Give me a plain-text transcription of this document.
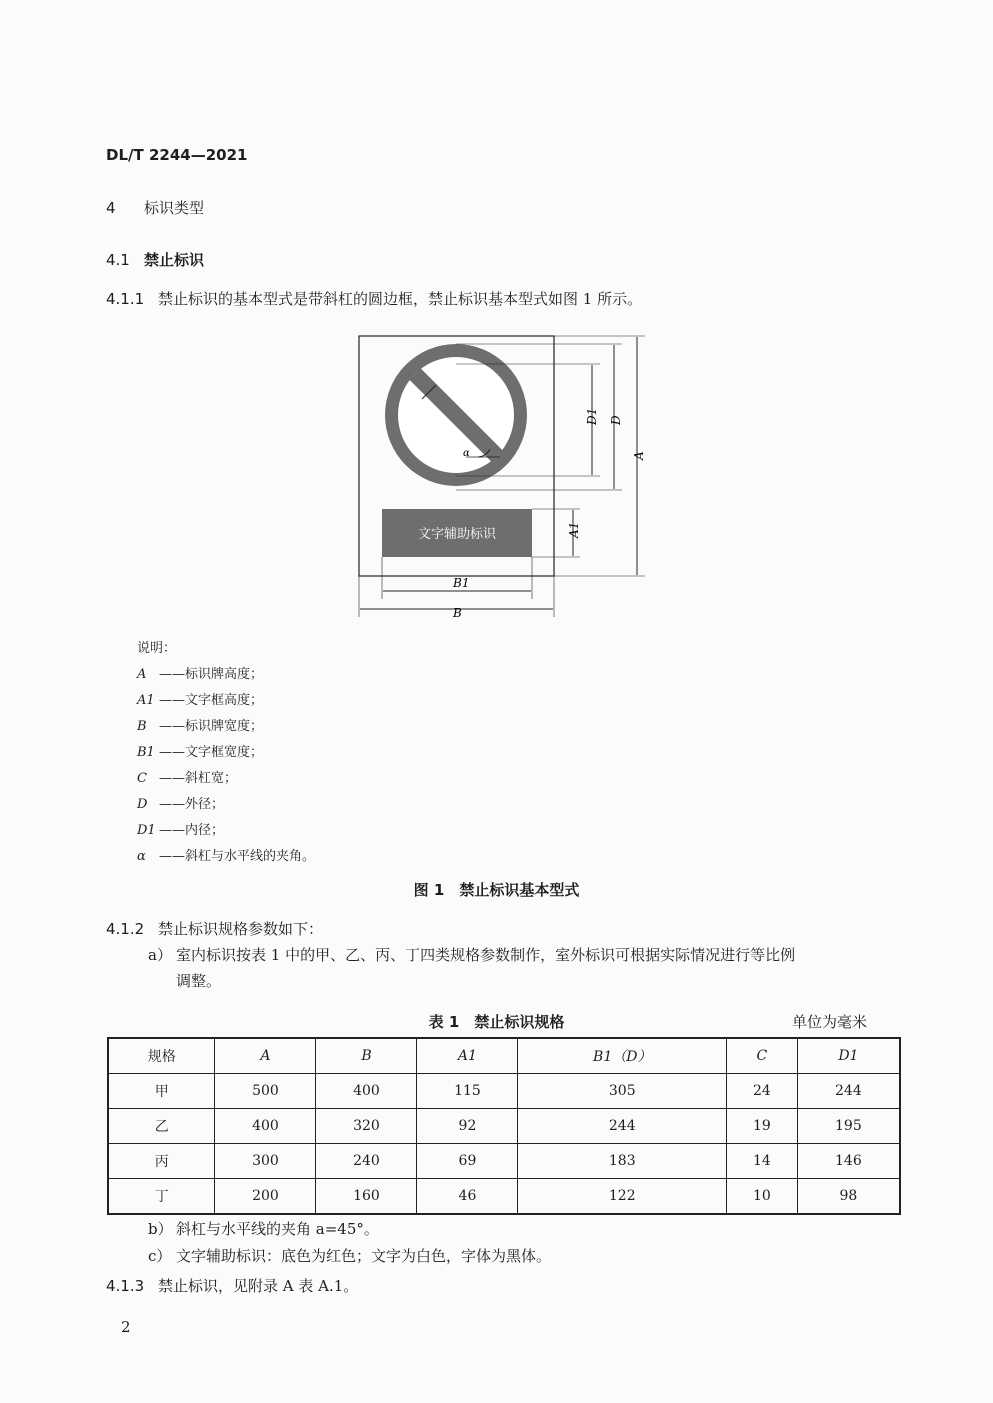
DL/T 2244—2021
4 标识类型
4.1 禁止标识
4.1.1 禁止标识的基本型式是带斜杠的圆边框，禁止标识基本型式如图 1 所示。
α
文字辅助标识
D1 D
A
A1
B1
B
说明：
A ——标识牌高度；
A1 ——文字框高度；
B ——标识牌宽度；
B1 ——文字框宽度；
C ——斜杠宽；
D ——外径；
D1 ——内径；
α ——斜杠与水平线的夹角。
图 1　禁止标识基本型式
4.1.2 禁止标识规格参数如下：
a） 室内标识按表 1 中的甲、乙、丙、丁四类规格参数制作，室外标识可根据实际情况进行等比例
调整。
表 1　禁止标识规格	单位为毫米
规格	A	B	A1	B1（D）	C	D1
甲	500	400	115	305	24	244
乙	400	320	92	244	19	195
丙	300	240	69	183	14	146
丁	200	160	46	122	10	98
b） 斜杠与水平线的夹角 a=45°。
c） 文字辅助标识：底色为红色；文字为白色，字体为黑体。
4.1.3 禁止标识，见附录 A 表 A.1。
2
